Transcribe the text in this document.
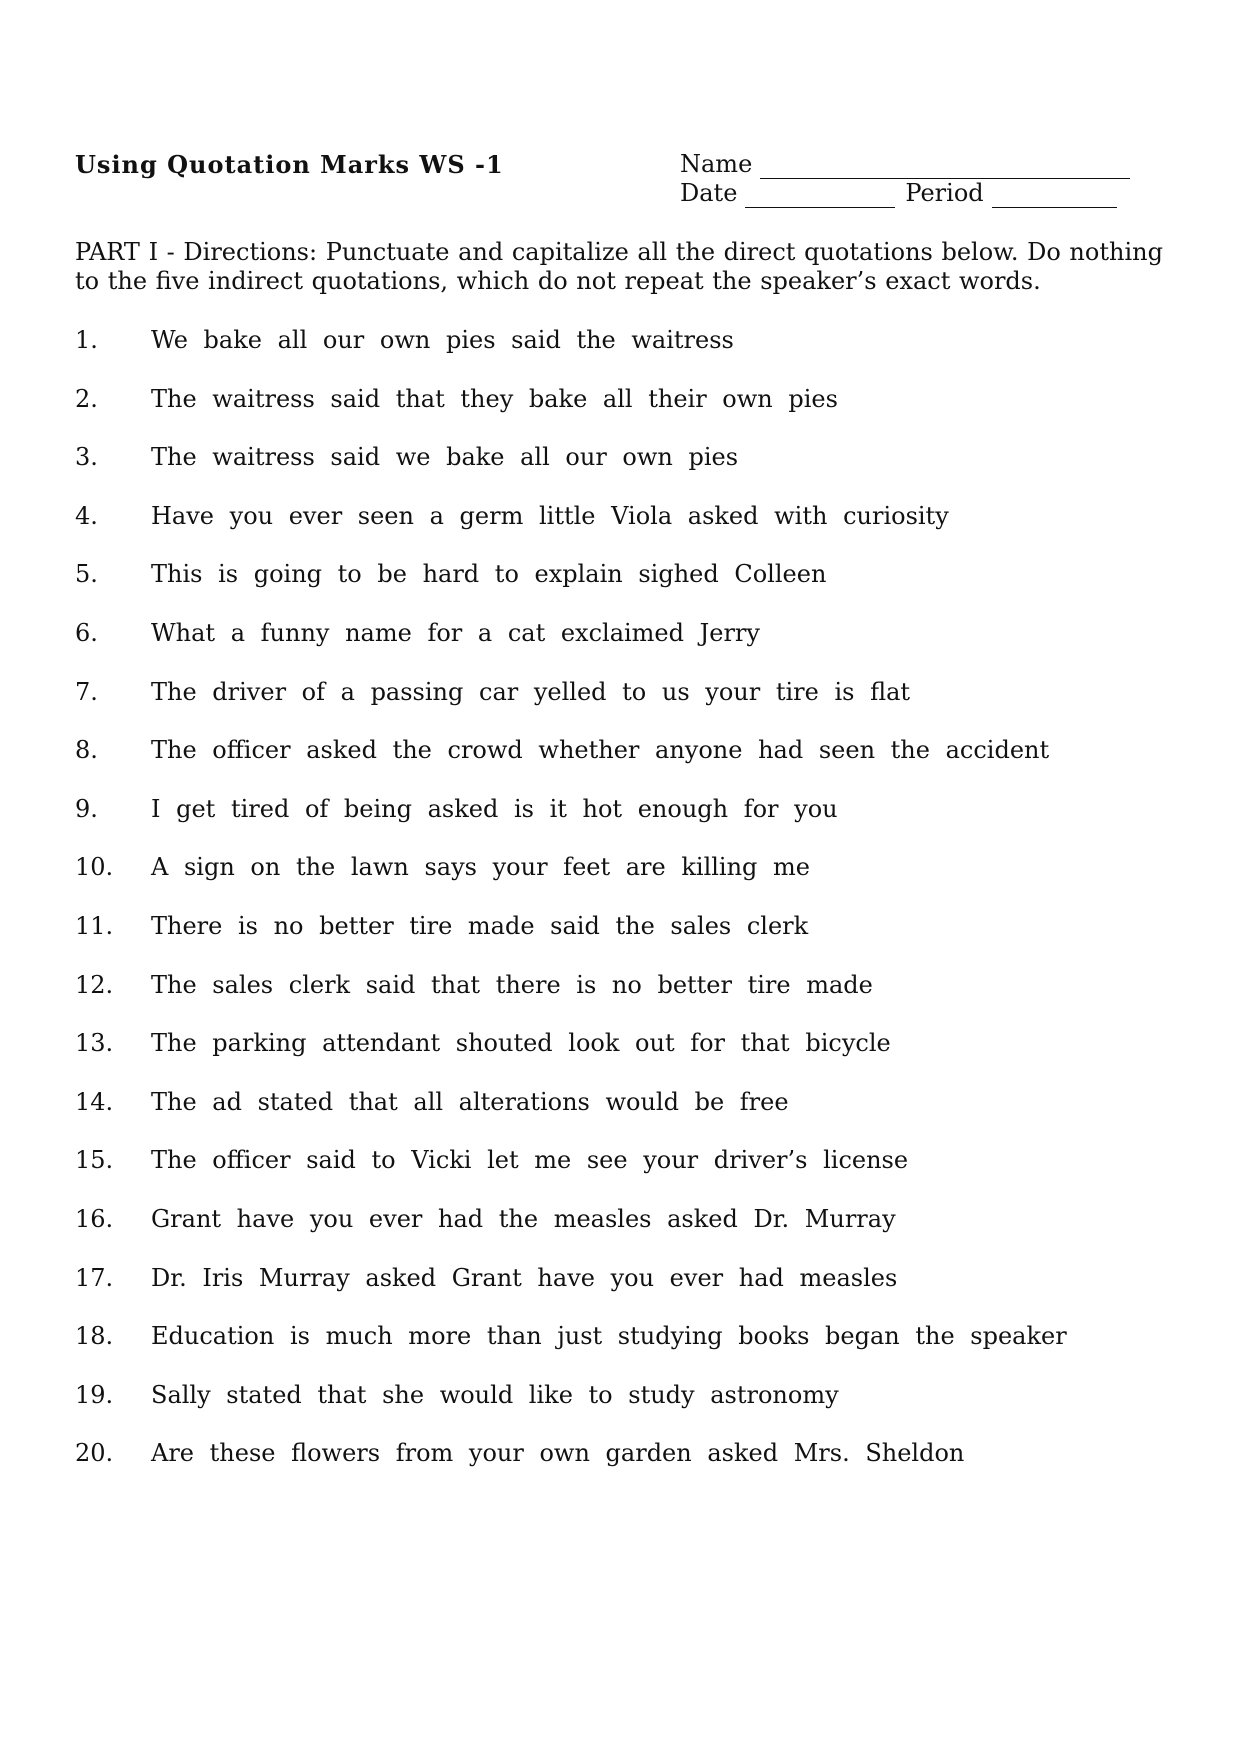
Using Quotation Marks WS -1	Name
Date	Period
PART I - Directions: Punctuate and capitalize all the direct quotations below. Do nothing to the five indirect quotations, which do not repeat the speaker’s exact words.
1.	We bake all our own pies said the waitress
2.	The waitress said that they bake all their own pies
3.	The waitress said we bake all our own pies
4.	Have you ever seen a germ little Viola asked with curiosity
5.	This is going to be hard to explain sighed Colleen
6.	What a funny name for a cat exclaimed Jerry
7.	The driver of a passing car yelled to us your tire is flat
8.	The officer asked the crowd whether anyone had seen the accident
9.	I get tired of being asked is it hot enough for you
10.	A sign on the lawn says your feet are killing me
11.	There is no better tire made said the sales clerk
12.	The sales clerk said that there is no better tire made
13.	The parking attendant shouted look out for that bicycle
14.	The ad stated that all alterations would be free
15.	The officer said to Vicki let me see your driver’s license
16.	Grant have you ever had the measles asked Dr. Murray
17.	Dr. Iris Murray asked Grant have you ever had measles
18.	Education is much more than just studying books began the speaker
19.	Sally stated that she would like to study astronomy
20.	Are these flowers from your own garden asked Mrs. Sheldon
